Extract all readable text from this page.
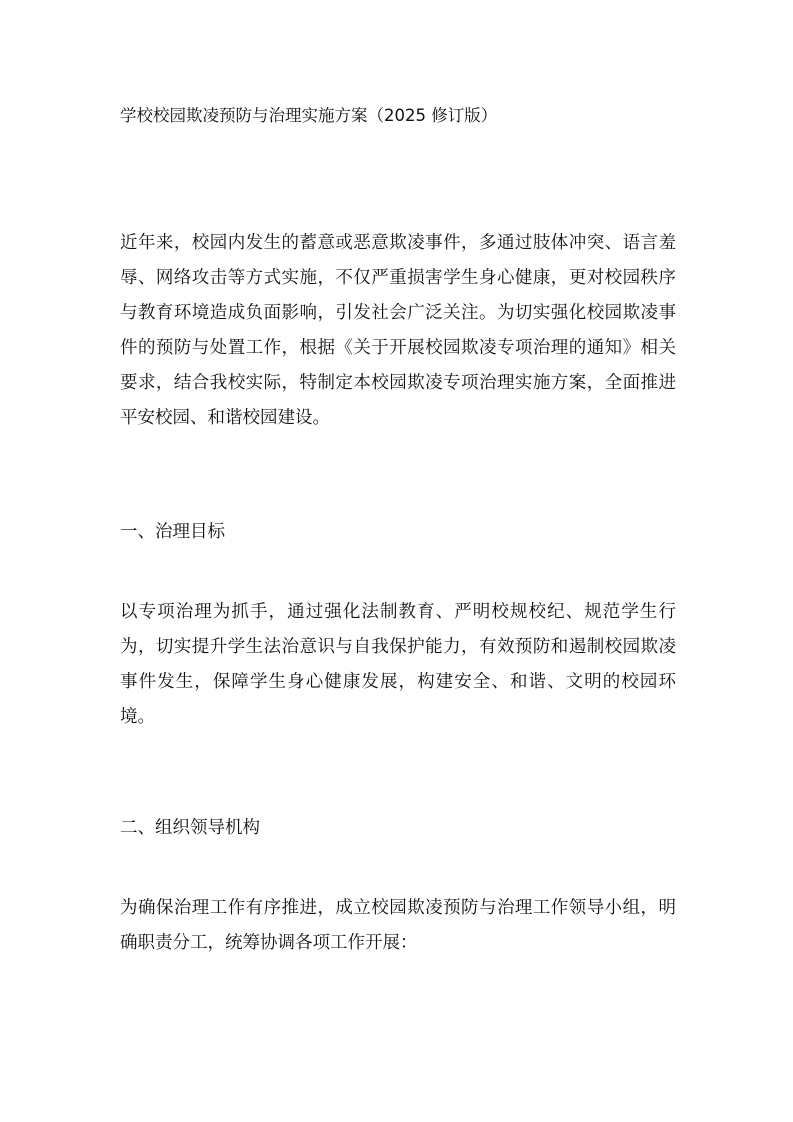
学校校园欺凌预防与治理实施方案（2025 修订版）
近年来，校园内发生的蓄意或恶意欺凌事件，多通过肢体冲突、语言羞辱、网络攻击等方式实施，不仅严重损害学生身心健康，更对校园秩序与教育环境造成负面影响，引发社会广泛关注。为切实强化校园欺凌事件的预防与处置工作，根据《关于开展校园欺凌专项治理的通知》相关要求，结合我校实际，特制定本校园欺凌专项治理实施方案，全面推进平安校园、和谐校园建设。
一、治理目标
以专项治理为抓手，通过强化法制教育、严明校规校纪、规范学生行为，切实提升学生法治意识与自我保护能力，有效预防和遏制校园欺凌事件发生，保障学生身心健康发展，构建安全、和谐、文明的校园环境。
二、组织领导机构
为确保治理工作有序推进，成立校园欺凌预防与治理工作领导小组，明确职责分工，统筹协调各项工作开展：
